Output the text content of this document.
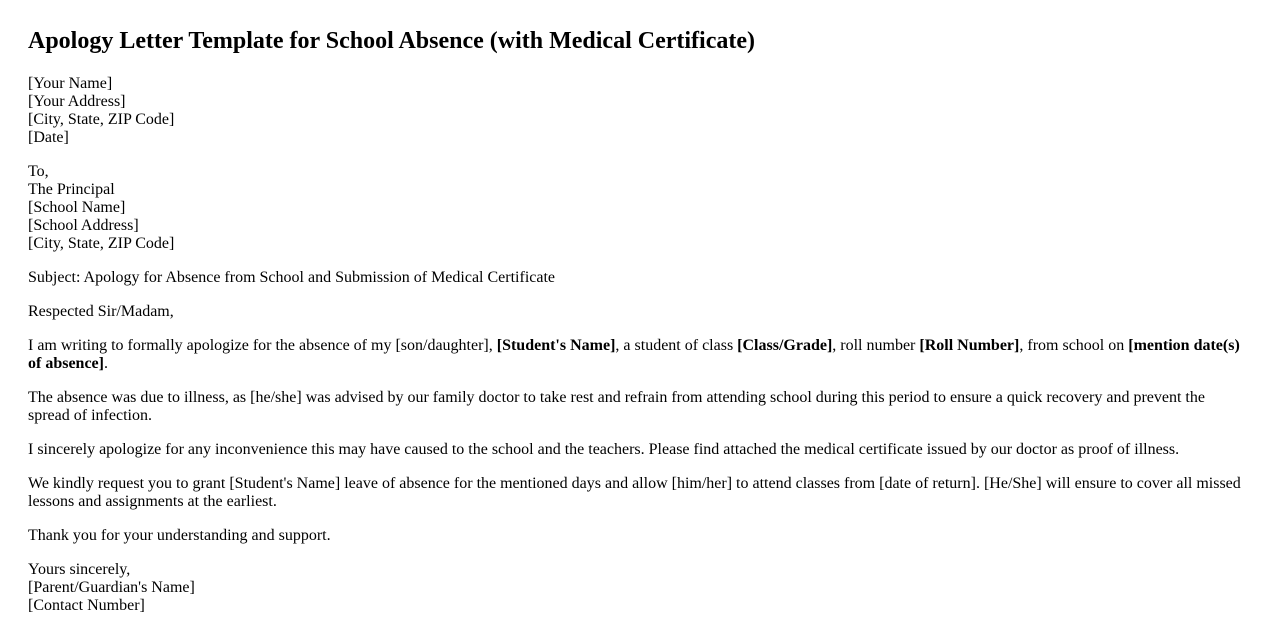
Apology Letter Template for School Absence (with Medical Certificate)
[Your Name]
[Your Address]
[City, State, ZIP Code]
[Date]
To,
The Principal
[School Name]
[School Address]
[City, State, ZIP Code]

Subject: Apology for Absence from School and Submission of Medical Certificate

Respected Sir/Madam,

I am writing to formally apologize for the absence of my [son/daughter], [Student's Name], a student of class [Class/Grade], roll number [Roll Number], from school on [mention date(s) of absence].

The absence was due to illness, as [he/she] was advised by our family doctor to take rest and refrain from attending school during this period to ensure a quick recovery and prevent the spread of infection.

I sincerely apologize for any inconvenience this may have caused to the school and the teachers. Please find attached the medical certificate issued by our doctor as proof of illness.

We kindly request you to grant [Student's Name] leave of absence for the mentioned days and allow [him/her] to attend classes from [date of return]. [He/She] will ensure to cover all missed lessons and assignments at the earliest.

Thank you for your understanding and support.

Yours sincerely,
[Parent/Guardian's Name]
[Contact Number]
